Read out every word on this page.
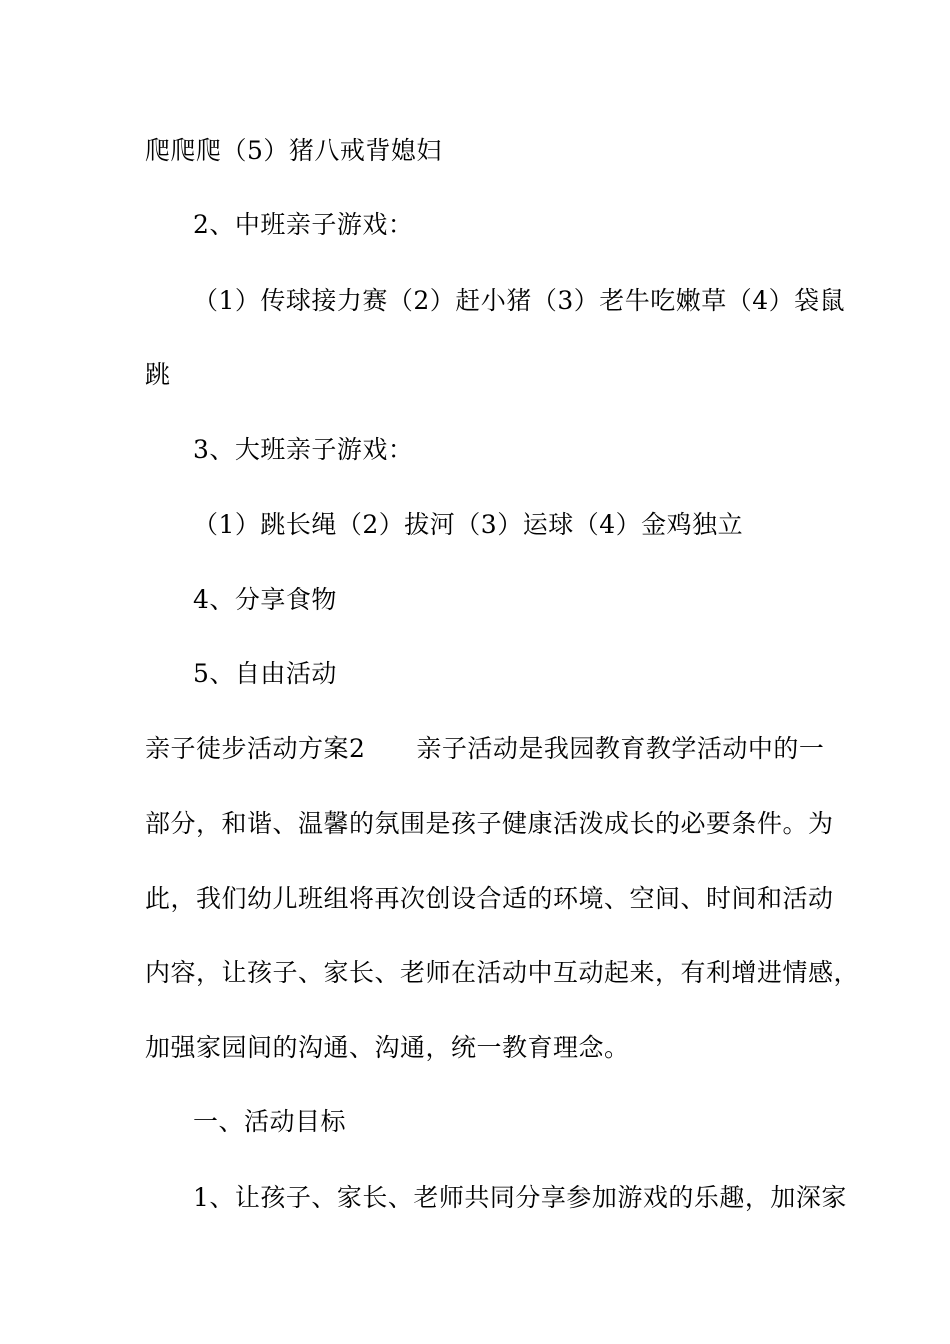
爬爬爬（5）猪八戒背媳妇
2、中班亲子游戏：
（1）传球接力赛（2）赶小猪（3）老牛吃嫩草（4）袋鼠
跳
3、大班亲子游戏：
（1）跳长绳（2）拔河（3）运球（4）金鸡独立
4、分享食物
5、自由活动
亲子徒步活动方案2　　亲子活动是我园教育教学活动中的一
部分，和谐、温馨的氛围是孩子健康活泼成长的必要条件。为
此，我们幼儿班组将再次创设合适的环境、空间、时间和活动
内容，让孩子、家长、老师在活动中互动起来，有利增进情感，
加强家园间的沟通、沟通，统一教育理念。
一、活动目标
1、让孩子、家长、老师共同分享参加游戏的乐趣，加深家
